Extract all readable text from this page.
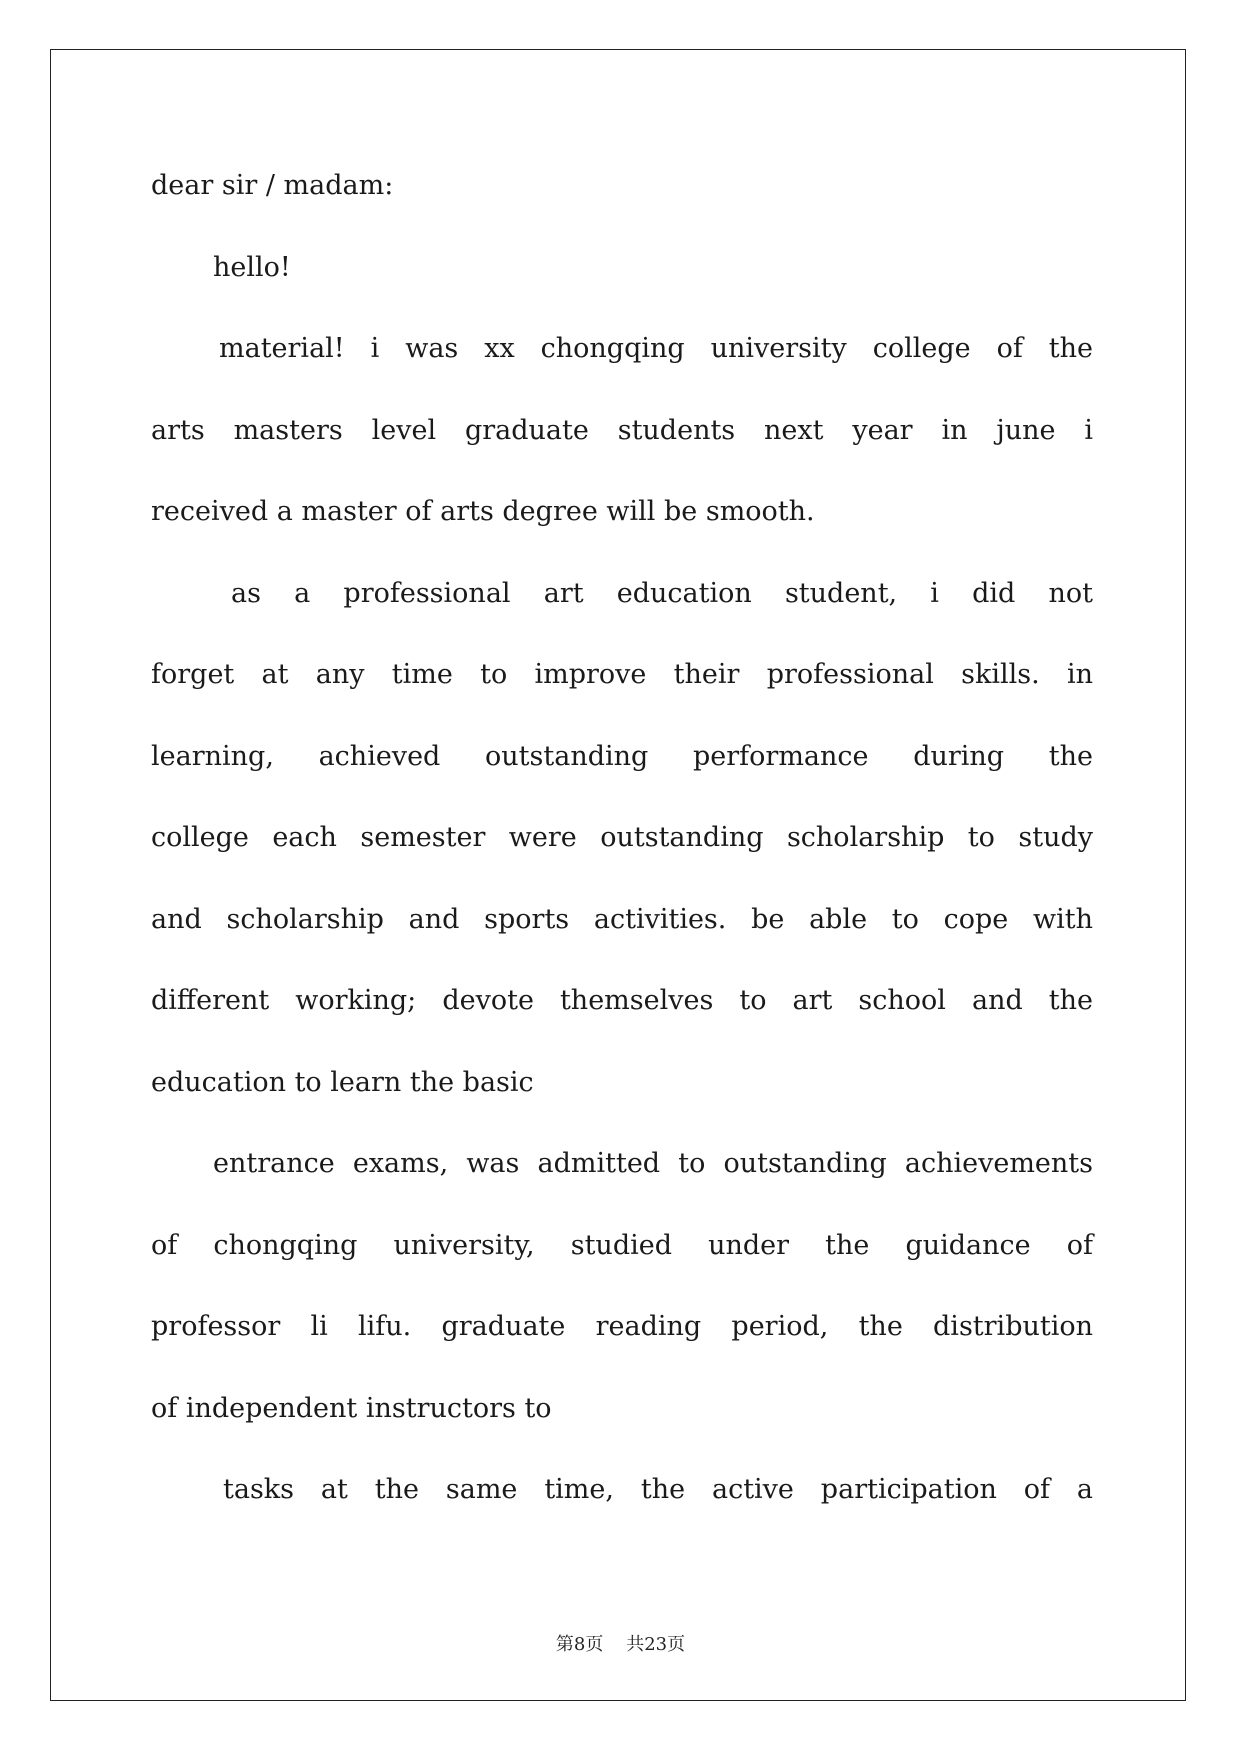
dear sir / madam:
hello!
material! i was xx chongqing university college of the
arts masters level graduate students next year in june i
received a master of arts degree will be smooth.
as a professional art education student, i did not
forget at any time to improve their professional skills. in
learning, achieved outstanding performance during the
college each semester were outstanding scholarship to study
and scholarship and sports activities. be able to cope with
different working; devote themselves to art school and the
education to learn the basic
entrance exams, was admitted to outstanding achievements
of chongqing university, studied under the guidance of
professor li lifu. graduate reading period, the distribution
of independent instructors to
tasks at the same time, the active participation of a
第8页 共23页
